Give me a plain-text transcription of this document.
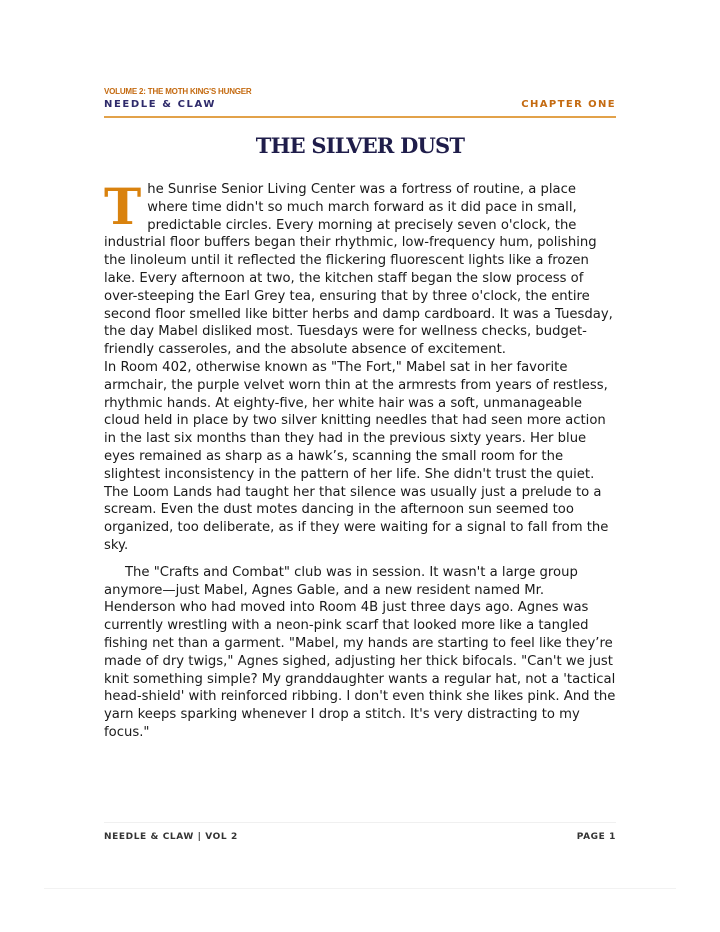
VOLUME 2: THE MOTH KING'S HUNGER
NEEDLE & CLAW	CHAPTER ONE
THE SILVER DUST

The Sunrise Senior Living Center was a fortress of routine, a place where time didn't so much march forward as it did pace in small, predictable circles. Every morning at precisely seven o'clock, the industrial floor buffers began their rhythmic, low-frequency hum, polishing the linoleum until it reflected the flickering fluorescent lights like a frozen lake. Every afternoon at two, the kitchen staff began the slow process of over-steeping the Earl Grey tea, ensuring that by three o'clock, the entire second floor smelled like bitter herbs and damp cardboard. It was a Tuesday, the day Mabel disliked most. Tuesdays were for wellness checks, budget-friendly casseroles, and the absolute absence of excitement.

In Room 402, otherwise known as "The Fort," Mabel sat in her favorite armchair, the purple velvet worn thin at the armrests from years of restless, rhythmic hands. At eighty-five, her white hair was a soft, unmanageable cloud held in place by two silver knitting needles that had seen more action in the last six months than they had in the previous sixty years. Her blue eyes remained as sharp as a hawk’s, scanning the small room for the slightest inconsistency in the pattern of her life. She didn't trust the quiet. The Loom Lands had taught her that silence was usually just a prelude to a scream. Even the dust motes dancing in the afternoon sun seemed too organized, too deliberate, as if they were waiting for a signal to fall from the sky.

The "Crafts and Combat" club was in session. It wasn't a large group anymore—just Mabel, Agnes Gable, and a new resident named Mr. Henderson who had moved into Room 4B just three days ago. Agnes was currently wrestling with a neon-pink scarf that looked more like a tangled fishing net than a garment. "Mabel, my hands are starting to feel like they’re made of dry twigs," Agnes sighed, adjusting her thick bifocals. "Can't we just knit something simple? My granddaughter wants a regular hat, not a 'tactical head-shield' with reinforced ribbing. I don't even think she likes pink. And the yarn keeps sparking whenever I drop a stitch. It's very distracting to my focus."

NEEDLE & CLAW | VOL 2	PAGE 1
